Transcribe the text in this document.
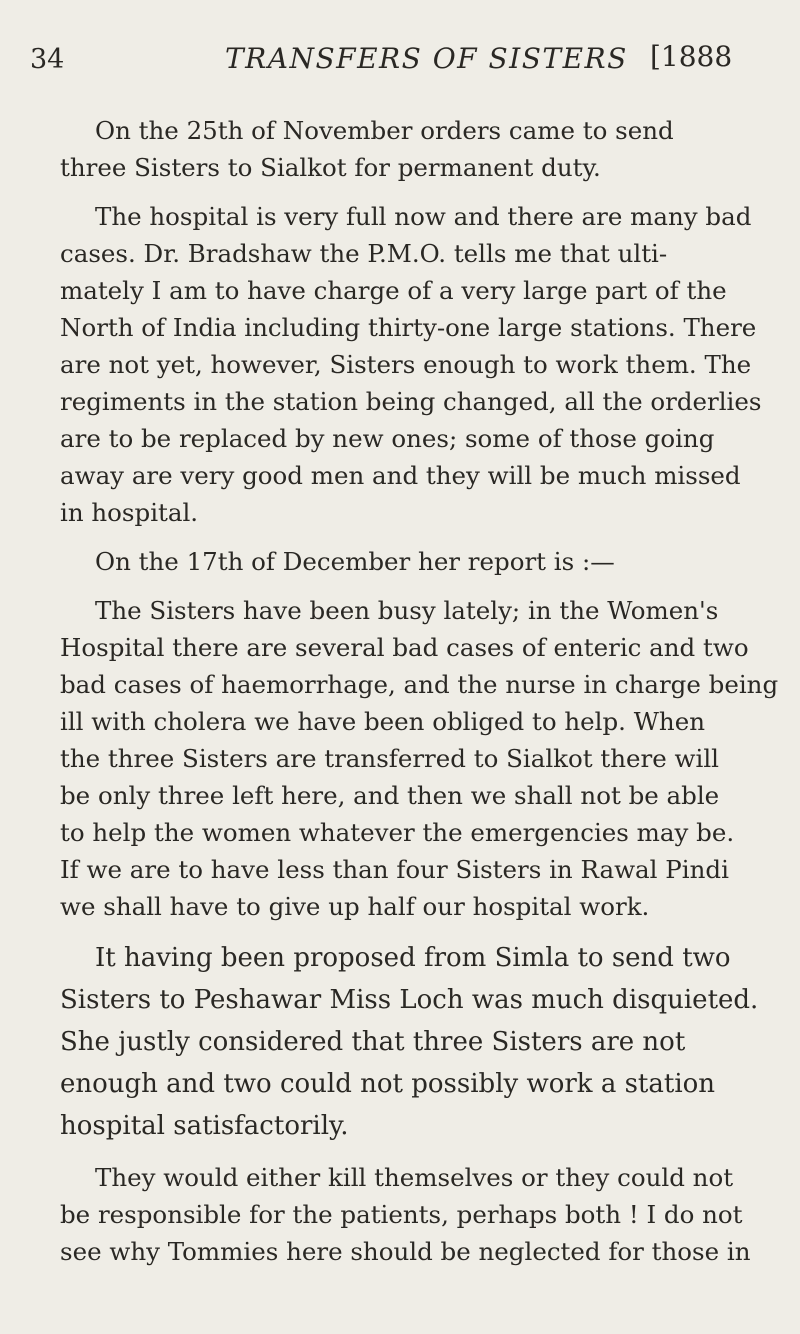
34	TRANSFERS OF SISTERS [1888
On the 25th of November orders came to send
three Sisters to Sialkot for permanent duty.
The hospital is very full now and there are many bad
cases. Dr. Bradshaw the P.M.O. tells me that ulti-
mately I am to have charge of a very large part of the
North of India including thirty-one large stations. There
are not yet, however, Sisters enough to work them. The
regiments in the station being changed, all the orderlies
are to be replaced by new ones; some of those going
away are very good men and they will be much missed
in hospital.
On the 17th of December her report is :—
The Sisters have been busy lately; in the Women's
Hospital there are several bad cases of enteric and two
bad cases of haemorrhage, and the nurse in charge being
ill with cholera we have been obliged to help. When
the three Sisters are transferred to Sialkot there will
be only three left here, and then we shall not be able
to help the women whatever the emergencies may be.
If we are to have less than four Sisters in Rawal Pindi
we shall have to give up half our hospital work.
It having been proposed from Simla to send two
Sisters to Peshawar Miss Loch was much disquieted.
She justly considered that three Sisters are not
enough and two could not possibly work a station
hospital satisfactorily.
They would either kill themselves or they could not
be responsible for the patients, perhaps both ! I do not
see why Tommies here should be neglected for those in
